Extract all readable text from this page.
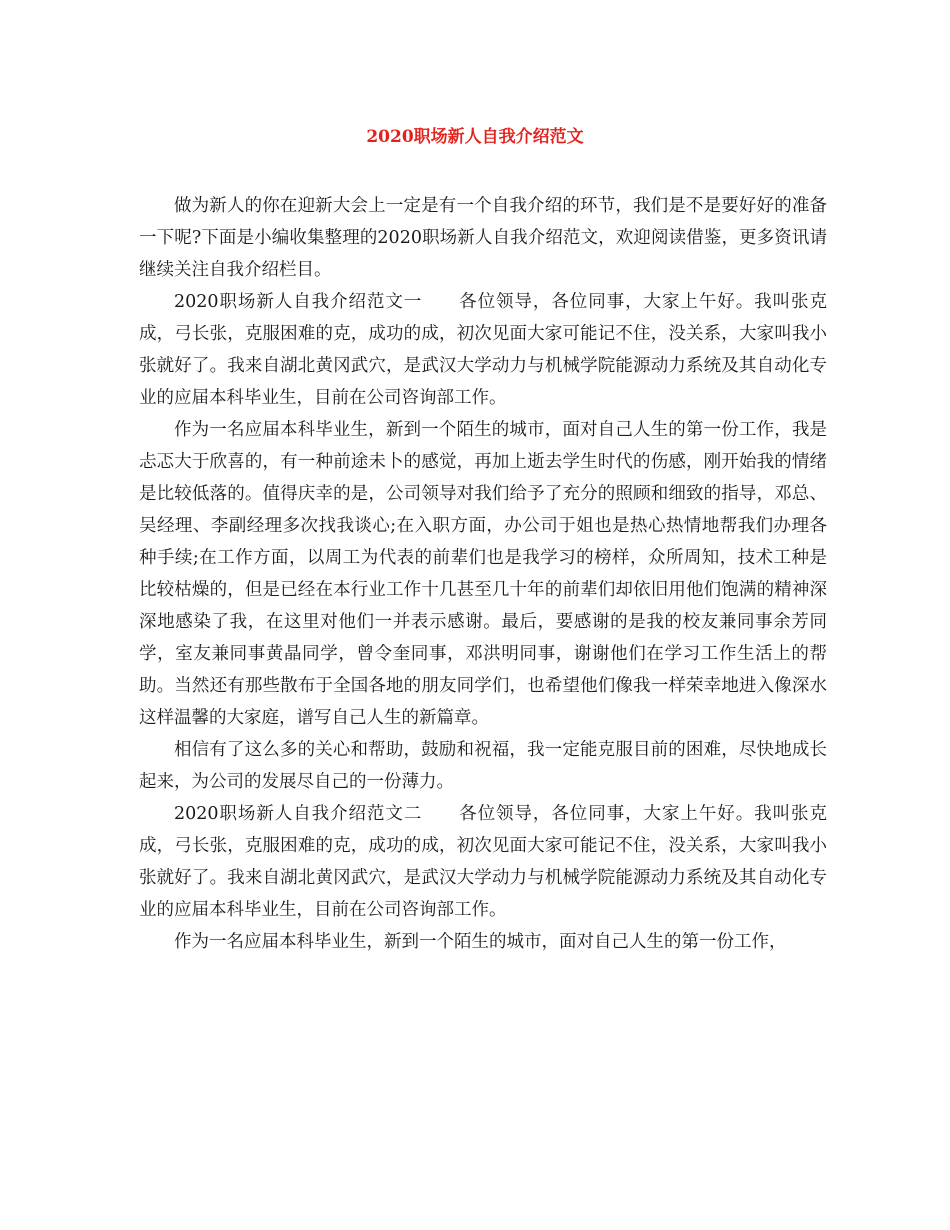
2020职场新人自我介绍范文

做为新人的你在迎新大会上一定是有一个自我介绍的环节，我们是不是要好好的准备一下呢?下面是小编收集整理的2020职场新人自我介绍范文，欢迎阅读借鉴，更多资讯请继续关注自我介绍栏目。

2020职场新人自我介绍范文一　　各位领导，各位同事，大家上午好。我叫张克成，弓长张，克服困难的克，成功的成，初次见面大家可能记不住，没关系，大家叫我小张就好了。我来自湖北黄冈武穴，是武汉大学动力与机械学院能源动力系统及其自动化专业的应届本科毕业生，目前在公司咨询部工作。

作为一名应届本科毕业生，新到一个陌生的城市，面对自己人生的第一份工作，我是忐忑大于欣喜的，有一种前途未卜的感觉，再加上逝去学生时代的伤感，刚开始我的情绪是比较低落的。值得庆幸的是，公司领导对我们给予了充分的照顾和细致的指导，邓总、吴经理、李副经理多次找我谈心;在入职方面，办公司于姐也是热心热情地帮我们办理各种手续;在工作方面，以周工为代表的前辈们也是我学习的榜样，众所周知，技术工种是比较枯燥的，但是已经在本行业工作十几甚至几十年的前辈们却依旧用他们饱满的精神深深地感染了我，在这里对他们一并表示感谢。最后，要感谢的是我的校友兼同事余芳同学，室友兼同事黄晶同学，曾令奎同事，邓洪明同事，谢谢他们在学习工作生活上的帮助。当然还有那些散布于全国各地的朋友同学们，也希望他们像我一样荣幸地进入像深水这样温馨的大家庭，谱写自己人生的新篇章。

相信有了这么多的关心和帮助，鼓励和祝福，我一定能克服目前的困难，尽快地成长起来，为公司的发展尽自己的一份薄力。

2020职场新人自我介绍范文二　　各位领导，各位同事，大家上午好。我叫张克成，弓长张，克服困难的克，成功的成，初次见面大家可能记不住，没关系，大家叫我小张就好了。我来自湖北黄冈武穴，是武汉大学动力与机械学院能源动力系统及其自动化专业的应届本科毕业生，目前在公司咨询部工作。

作为一名应届本科毕业生，新到一个陌生的城市，面对自己人生的第一份工作，
